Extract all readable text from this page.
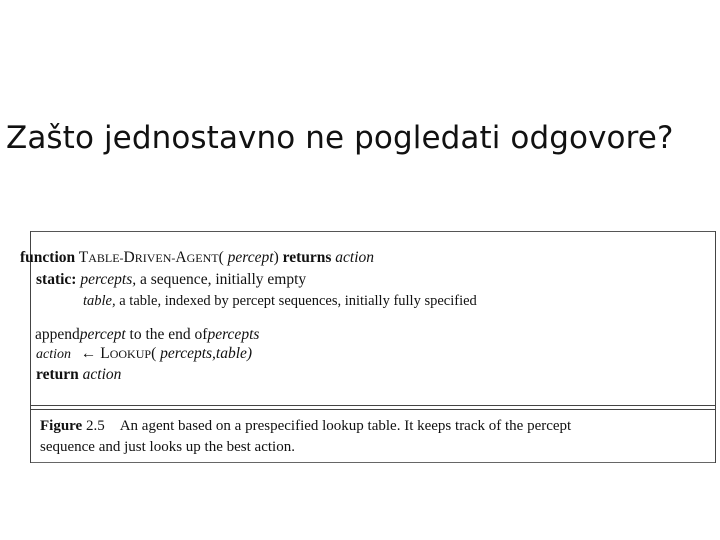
Zašto jednostavno ne pogledati odgovore?
function TABLE-DRIVEN-AGENT( percept) returns action
static: percepts, a sequence, initially empty
table, a table, indexed by percept sequences, initially fully specified
appendpercept to the end ofpercepts
action ← LOOKUP( percepts,table)
return action
Figure 2.5 An agent based on a prespecified lookup table. It keeps track of the percept
sequence and just looks up the best action.
